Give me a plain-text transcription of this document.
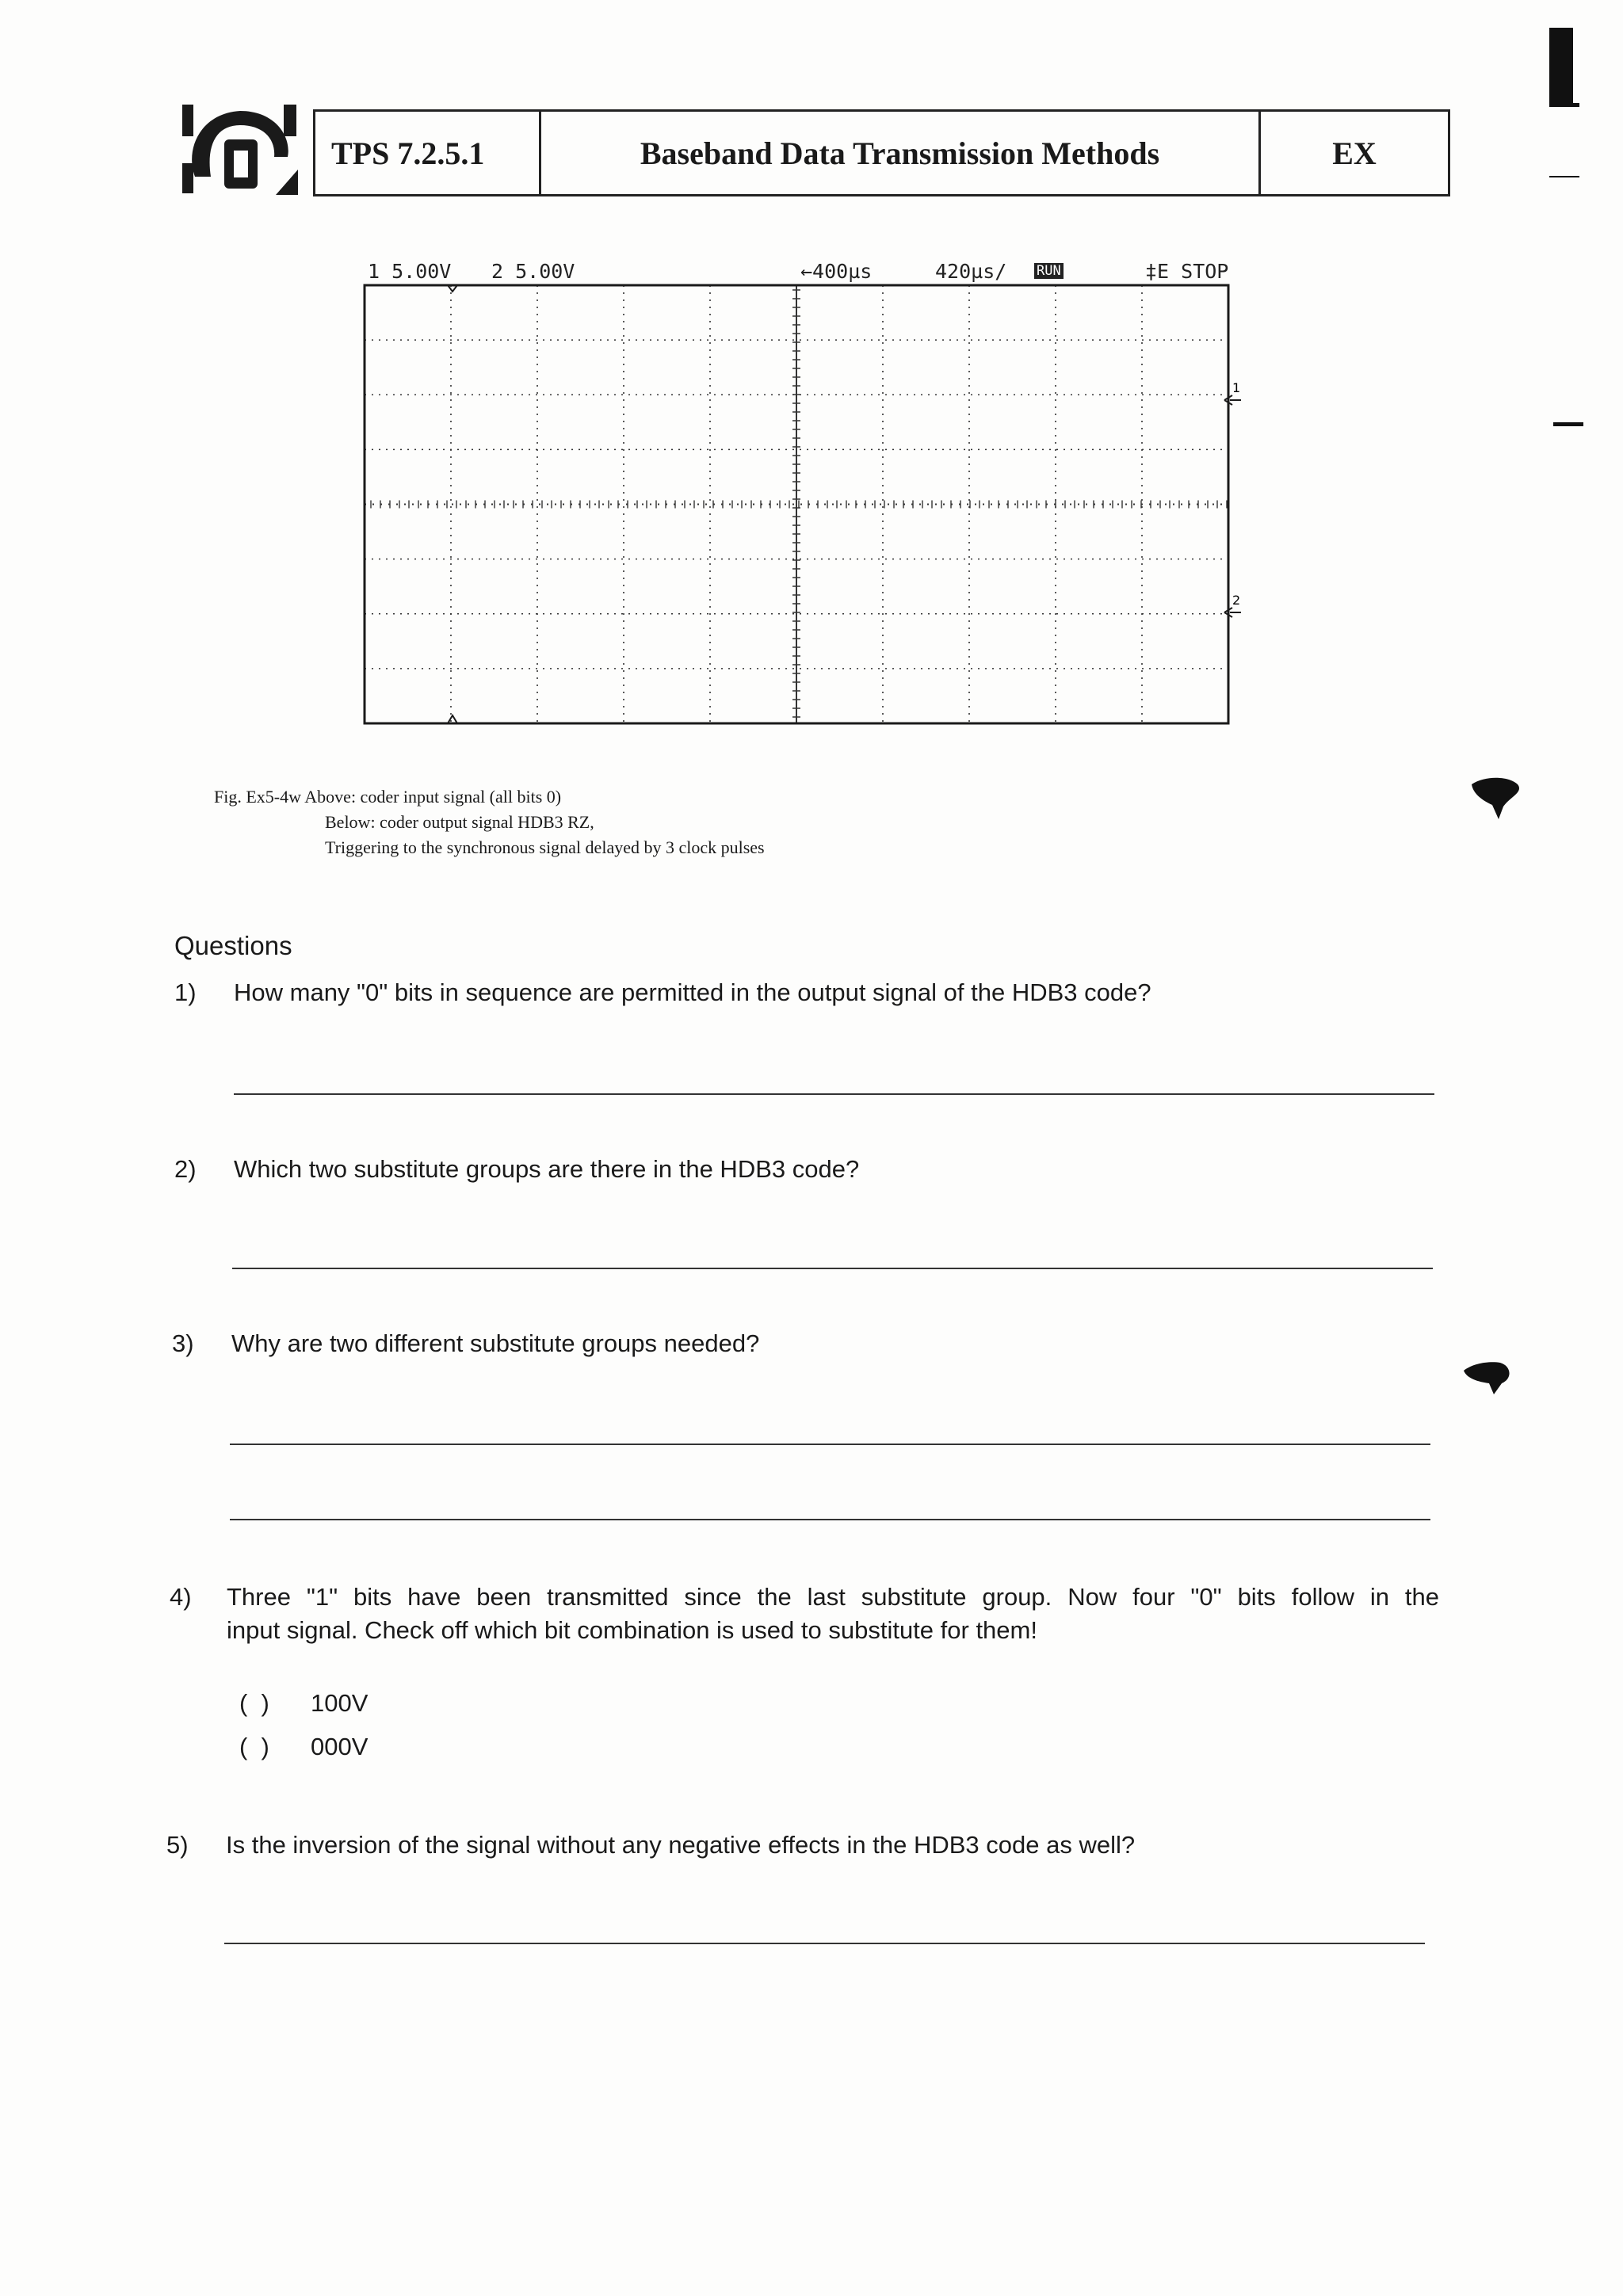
TPS 7.2.5.1	Baseband Data Transmission Methods	EX
1 5.00V 2 5.00V	←400µs	420µs/ RUN	‡E STOP
1
2
Fig. Ex5-4w Above: coder input signal (all bits 0)
Below: coder output signal HDB3 RZ,
Triggering to the synchronous signal delayed by 3 clock pulses
Questions
1) How many "0" bits in sequence are permitted in the output signal of the HDB3 code?
2) Which two substitute groups are there in the HDB3 code?
3) Why are two different substitute groups needed?
4) Three "1" bits have been transmitted since the last substitute group. Now four "0" bits follow in the
input signal. Check off which bit combination is used to substitute for them!
(  ) 100V
(  ) 000V
5) Is the inversion of the signal without any negative effects in the HDB3 code as well?
